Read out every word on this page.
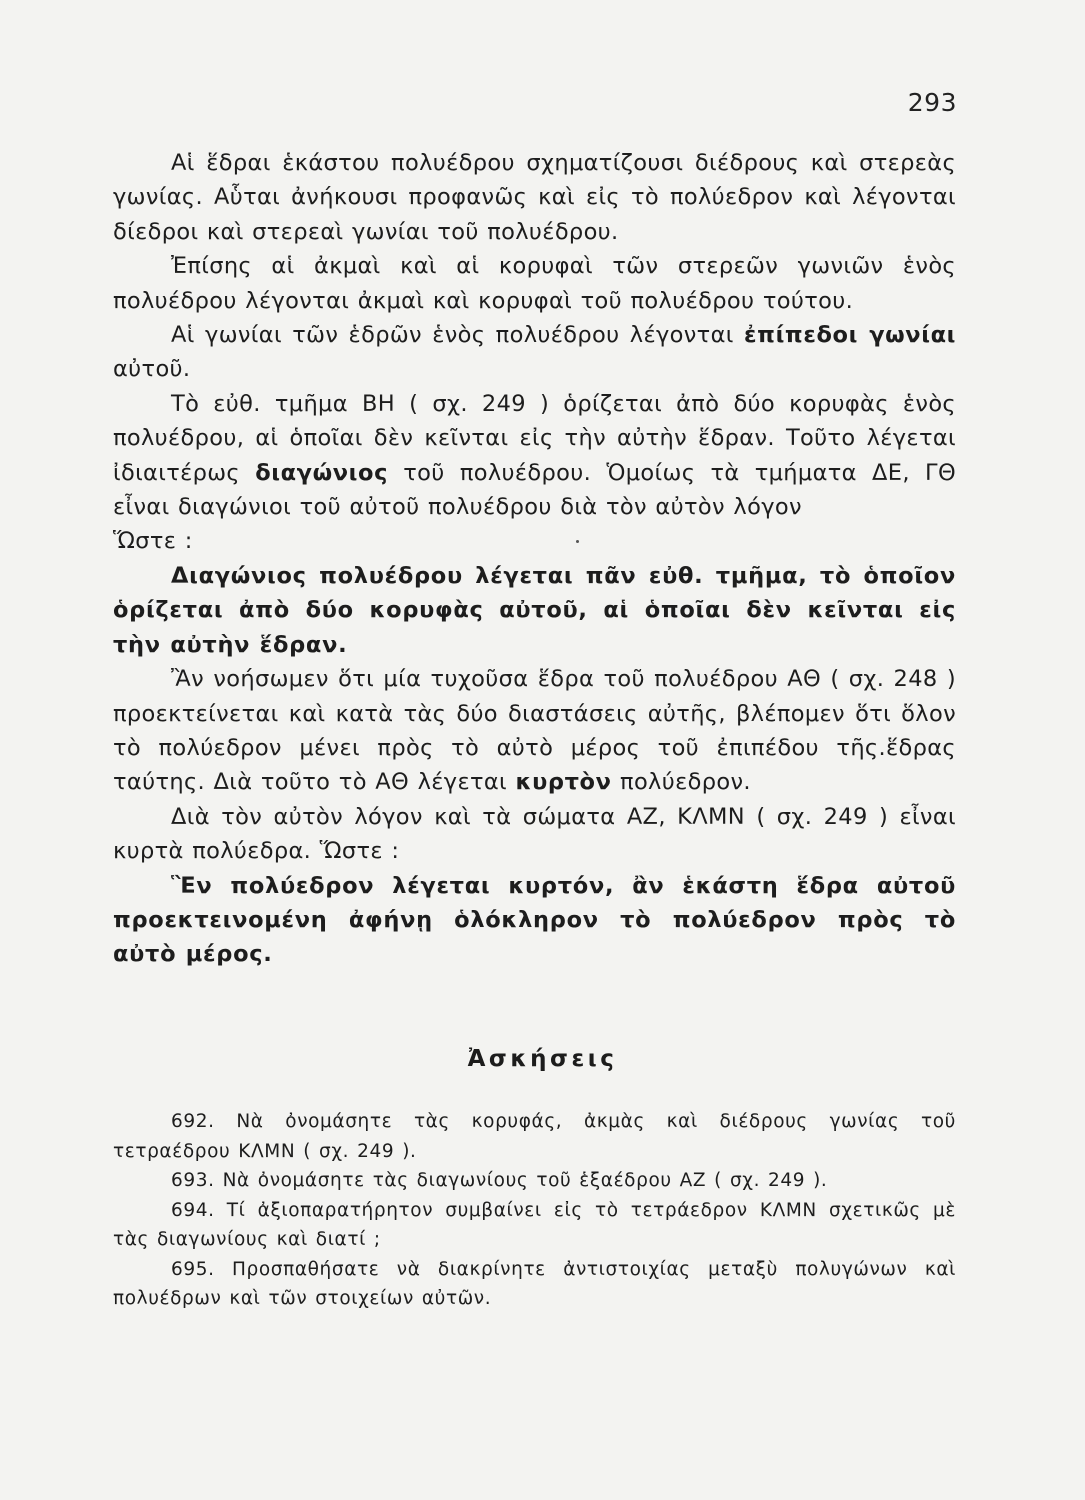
293

Αἱ ἕδραι ἑκάστου πολυέδρου σχηματίζουσι διέδρους καὶ στερεὰς γωνίας. Αὗται ἀνήκουσι προφανῶς καὶ εἰς τὸ πολύεδρον καὶ λέγονται δίεδροι καὶ στερεαὶ γωνίαι τοῦ πολυέδρου.

Ἐπίσης αἱ ἀκμαὶ καὶ αἱ κορυφαὶ τῶν στερεῶν γωνιῶν ἑνὸς πολυέδρου λέγονται ἀκμαὶ καὶ κορυφαὶ τοῦ πολυέδρου τούτου.

Αἱ γωνίαι τῶν ἑδρῶν ἑνὸς πολυέδρου λέγονται ἐπίπεδοι γωνίαι αὐτοῦ.

Τὸ εὐθ. τμῆμα ΒΗ ( σχ. 249 ) ὁρίζεται ἀπὸ δύο κορυφὰς ἑνὸς πολυέδρου, αἱ ὁποῖαι δὲν κεῖνται εἰς τὴν αὐτὴν ἕδραν. Τοῦτο λέγεται ἰδιαιτέρως διαγώνιος τοῦ πολυέδρου. Ὁμοίως τὰ τμήματα ΔΕ, ΓΘ εἶναι διαγώνιοι τοῦ αὐτοῦ πολυέδρου διὰ τὸν αὐτὸν λόγον

Ὥστε :

Διαγώνιος πολυέδρου λέγεται πᾶν εὐθ. τμῆμα, τὸ ὁποῖον ὁρίζεται ἀπὸ δύο κορυφὰς αὐτοῦ, αἱ ὁποῖαι δὲν κεῖνται εἰς τὴν αὐτὴν ἕδραν.

Ἂν νοήσωμεν ὅτι μία τυχοῦσα ἕδρα τοῦ πολυέδρου ΑΘ ( σχ. 248 ) προεκτείνεται καὶ κατὰ τὰς δύο διαστάσεις αὐτῆς, βλέπομεν ὅτι ὅλον τὸ πολύεδρον μένει πρὸς τὸ αὐτὸ μέρος τοῦ ἐπιπέδου τῆς.ἕδρας ταύτης. Διὰ τοῦτο τὸ ΑΘ λέγεται κυρτὸν πολύεδρον.

Διὰ τὸν αὐτὸν λόγον καὶ τὰ σώματα ΑΖ, ΚΛΜΝ ( σχ. 249 ) εἶναι κυρτὰ πολύεδρα. Ὥστε :

Ἓν πολύεδρον λέγεται κυρτόν, ἂν ἑκάστη ἕδρα αὐτοῦ προεκτεινομένη ἀφήνῃ ὁλόκληρον τὸ πολύεδρον πρὸς τὸ αὐτὸ μέρος.

Ἀσκήσεις

692. Νὰ ὀνομάσητε τὰς κορυφάς, ἀκμὰς καὶ διέδρους γωνίας τοῦ τετραέδρου ΚΛΜΝ ( σχ. 249 ).

693. Νὰ ὀνομάσητε τὰς διαγωνίους τοῦ ἑξαέδρου ΑΖ ( σχ. 249 ).

694. Τί ἀξιοπαρατήρητον συμβαίνει εἰς τὸ τετράεδρον ΚΛΜΝ σχετικῶς μὲ τὰς διαγωνίους καὶ διατί ;

695. Προσπαθήσατε νὰ διακρίνητε ἀντιστοιχίας μεταξὺ πολυγώνων καὶ πολυέδρων καὶ τῶν στοιχείων αὐτῶν.
